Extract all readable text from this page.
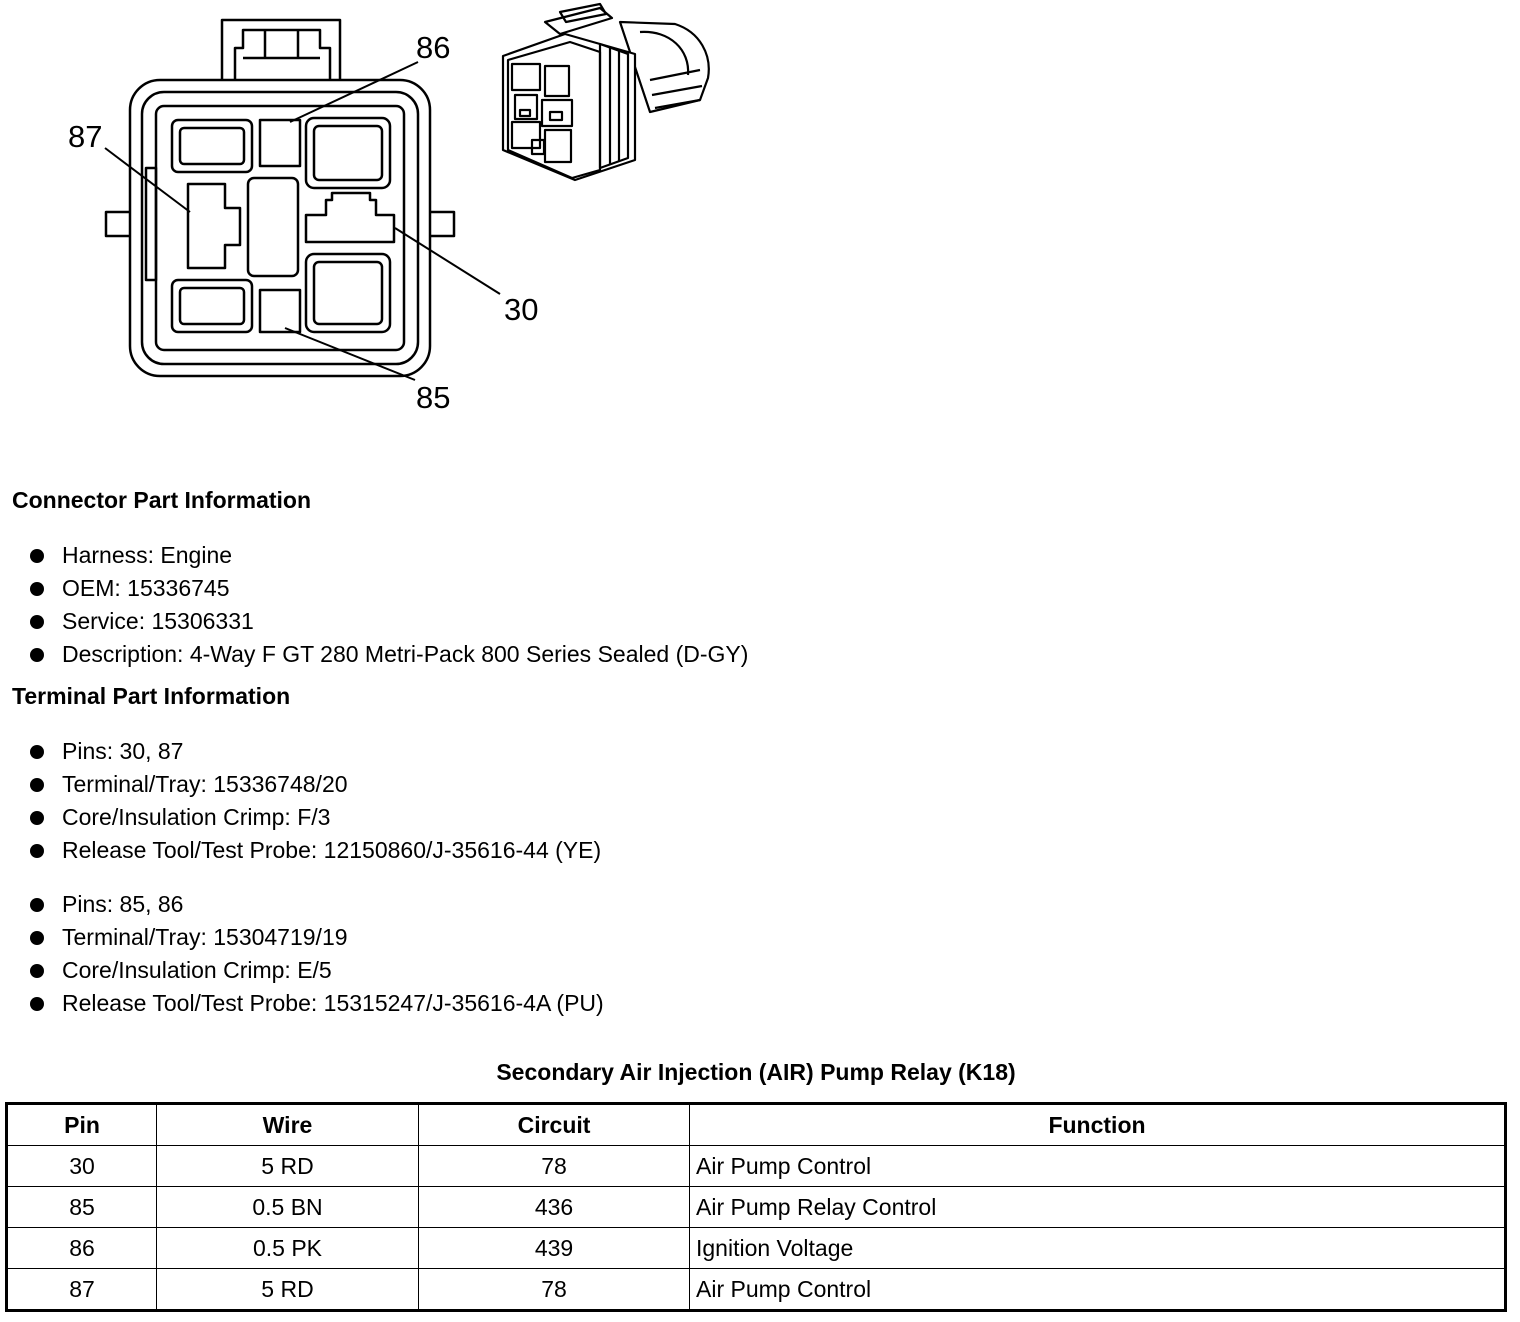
86
87
30
85
Connector Part Information
Harness: Engine
OEM: 15336745
Service: 15306331
Description: 4-Way F GT 280 Metri-Pack 800 Series Sealed (D-GY)
Terminal Part Information
Pins: 30, 87
Terminal/Tray: 15336748/20
Core/Insulation Crimp: F/3
Release Tool/Test Probe: 12150860/J-35616-44 (YE)
Pins: 85, 86
Terminal/Tray: 15304719/19
Core/Insulation Crimp: E/5
Release Tool/Test Probe: 15315247/J-35616-4A (PU)
Secondary Air Injection (AIR) Pump Relay (K18)
Pin	Wire	Circuit	Function
30	5 RD	78	Air Pump Control
85	0.5 BN	436	Air Pump Relay Control
86	0.5 PK	439	Ignition Voltage
87	5 RD	78	Air Pump Control
